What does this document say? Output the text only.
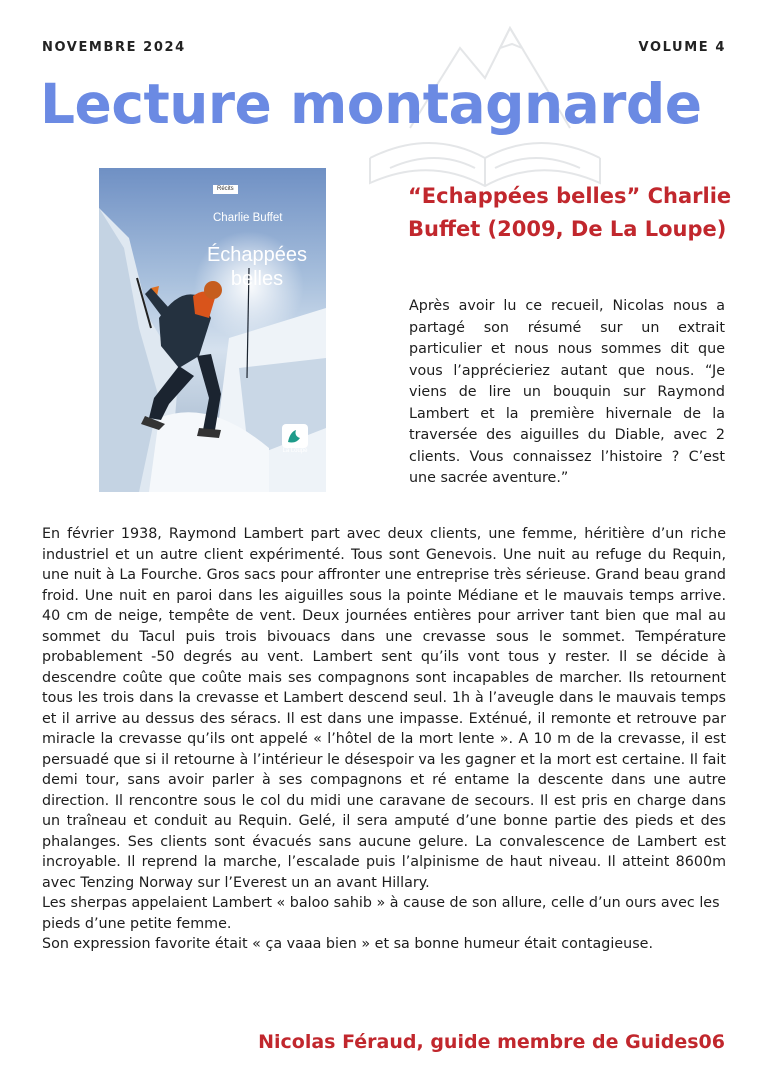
NOVEMBRE 2024	VOLUME 4
Lecture montagnarde
Récits
Charlie Buffet
Échappées belles
La Loupe
“Echappées belles” Charlie Buffet (2009, De La Loupe)

Après avoir lu ce recueil, Nicolas nous a partagé son résumé sur un extrait particulier et nous nous sommes dit que vous l’apprécieriez autant que nous. “Je viens de lire un bouquin sur Raymond Lambert et la première hivernale de la traversée des aiguilles du Diable, avec 2 clients. Vous connaissez l’histoire ? C’est une sacrée aventure.”

En février 1938, Raymond Lambert part avec deux clients, une femme, héritière d’un riche industriel et un autre client expérimenté. Tous sont Genevois. Une nuit au refuge du Requin, une nuit à La Fourche. Gros sacs pour affronter une entreprise très sérieuse. Grand beau grand froid. Une nuit en paroi dans les aiguilles sous la pointe Médiane et le mauvais temps arrive. 40 cm de neige, tempête de vent. Deux journées entières pour arriver tant bien que mal au sommet du Tacul puis trois bivouacs dans une crevasse sous le sommet. Température probablement -50 degrés au vent. Lambert sent qu’ils vont tous y rester. Il se décide à descendre coûte que coûte mais ses compagnons sont incapables de marcher. Ils retournent tous les trois dans la crevasse et Lambert descend seul. 1h à l’aveugle dans le mauvais temps et il arrive au dessus des séracs. Il est dans une impasse. Exténué, il remonte et retrouve par miracle la crevasse qu’ils ont appelé « l’hôtel de la mort lente ». A 10 m de la crevasse, il est persuadé que si il retourne à l’intérieur le désespoir va les gagner et la mort est certaine. Il fait demi tour, sans avoir parler à ses compagnons et ré entame la descente dans une autre direction. Il rencontre sous le col du midi une caravane de secours. Il est pris en charge dans un traîneau et conduit au Requin. Gelé, il sera amputé d’une bonne partie des pieds et des phalanges. Ses clients sont évacués sans aucune gelure. La convalescence de Lambert est incroyable. Il reprend la marche, l’escalade puis l’alpinisme de haut niveau. Il atteint 8600m avec Tenzing Norway sur l’Everest un an avant Hillary.

Les sherpas appelaient Lambert « baloo sahib » à cause de son allure, celle d’un ours avec les pieds d’une petite femme.

Son expression favorite était « ça vaaa bien » et sa bonne humeur était contagieuse.

Nicolas Féraud, guide membre de Guides06
